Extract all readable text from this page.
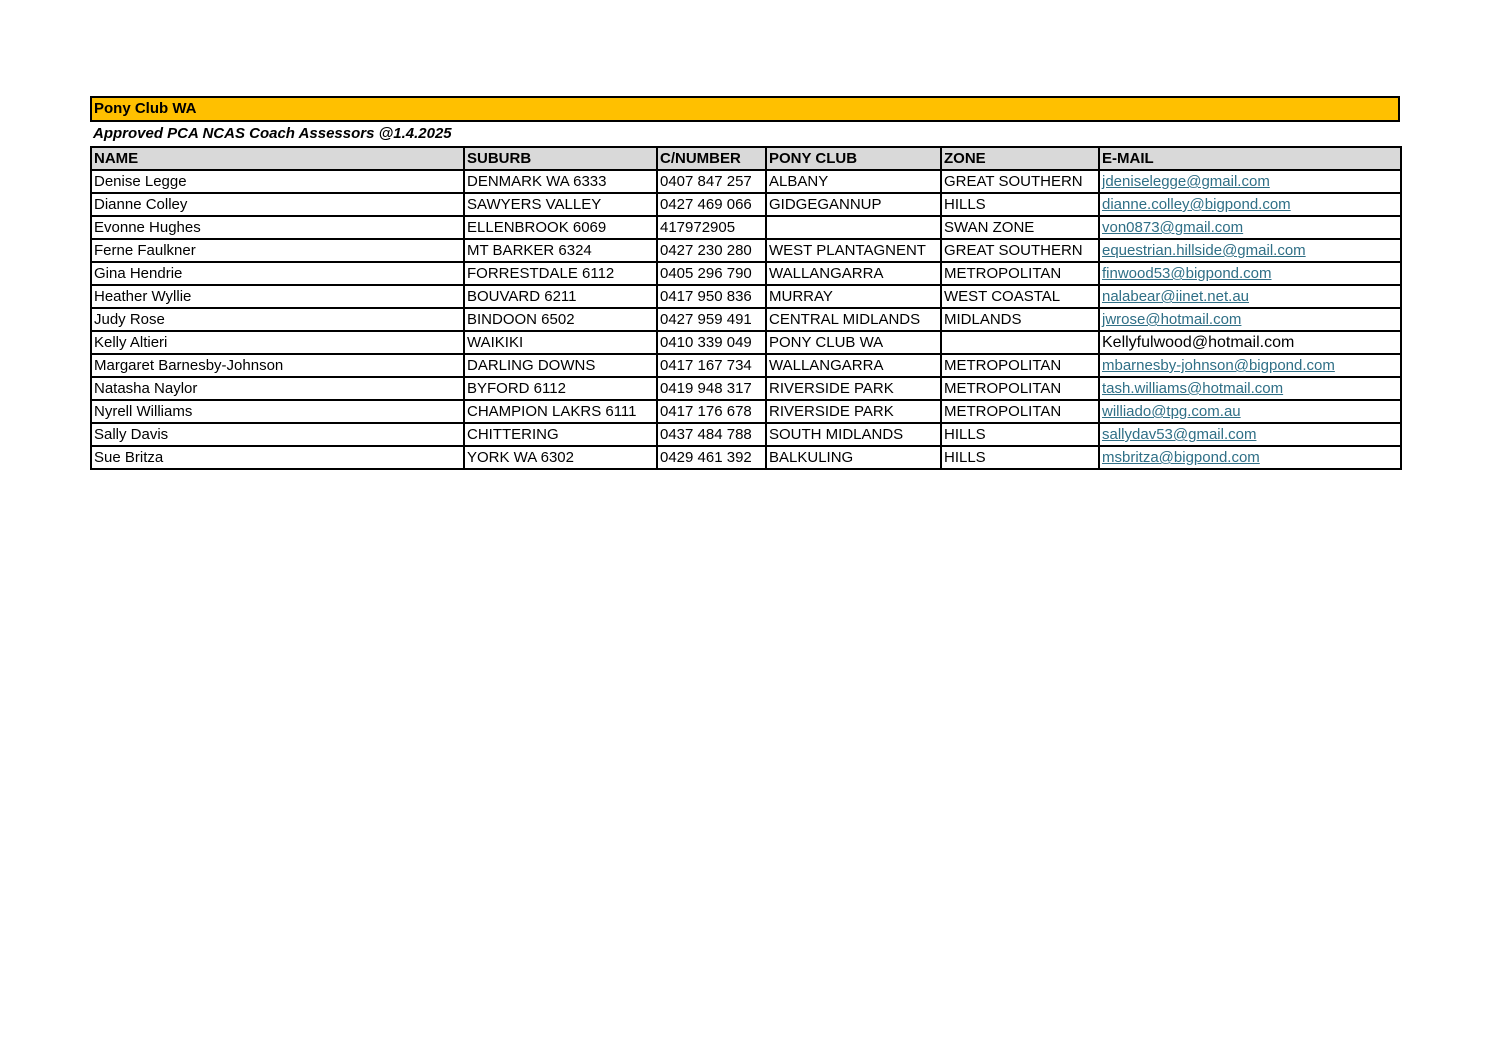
Pony Club WA
Approved PCA NCAS Coach Assessors @1.4.2025
NAME	SUBURB	C/NUMBER	PONY CLUB	ZONE	E-MAIL
Denise Legge	DENMARK WA 6333	0407 847 257	ALBANY	GREAT SOUTHERN	jdeniselegge@gmail.com
Dianne Colley	SAWYERS VALLEY	0427 469 066	GIDGEGANNUP	HILLS	dianne.colley@bigpond.com
Evonne Hughes	ELLENBROOK 6069	417972905		SWAN ZONE	von0873@gmail.com
Ferne Faulkner	MT BARKER 6324	0427 230 280	WEST PLANTAGNENT	GREAT SOUTHERN	equestrian.hillside@gmail.com
Gina Hendrie	FORRESTDALE 6112	0405 296 790	WALLANGARRA	METROPOLITAN	finwood53@bigpond.com
Heather Wyllie	BOUVARD 6211	0417 950 836	MURRAY	WEST COASTAL	nalabear@iinet.net.au
Judy Rose	BINDOON 6502	0427 959 491	CENTRAL MIDLANDS	MIDLANDS	jwrose@hotmail.com
Kelly Altieri	WAIKIKI	0410 339 049	PONY CLUB WA		Kellyfulwood@hotmail.com
Margaret Barnesby-Johnson	DARLING DOWNS	0417 167 734	WALLANGARRA	METROPOLITAN	mbarnesby-johnson@bigpond.com
Natasha Naylor	BYFORD 6112	0419 948 317	RIVERSIDE PARK	METROPOLITAN	tash.williams@hotmail.com
Nyrell Williams	CHAMPION LAKRS 6111	0417 176 678	RIVERSIDE PARK	METROPOLITAN	williado@tpg.com.au
Sally Davis	CHITTERING	0437 484 788	SOUTH MIDLANDS	HILLS	sallydav53@gmail.com
Sue Britza	YORK WA 6302	0429 461 392	BALKULING	HILLS	msbritza@bigpond.com
